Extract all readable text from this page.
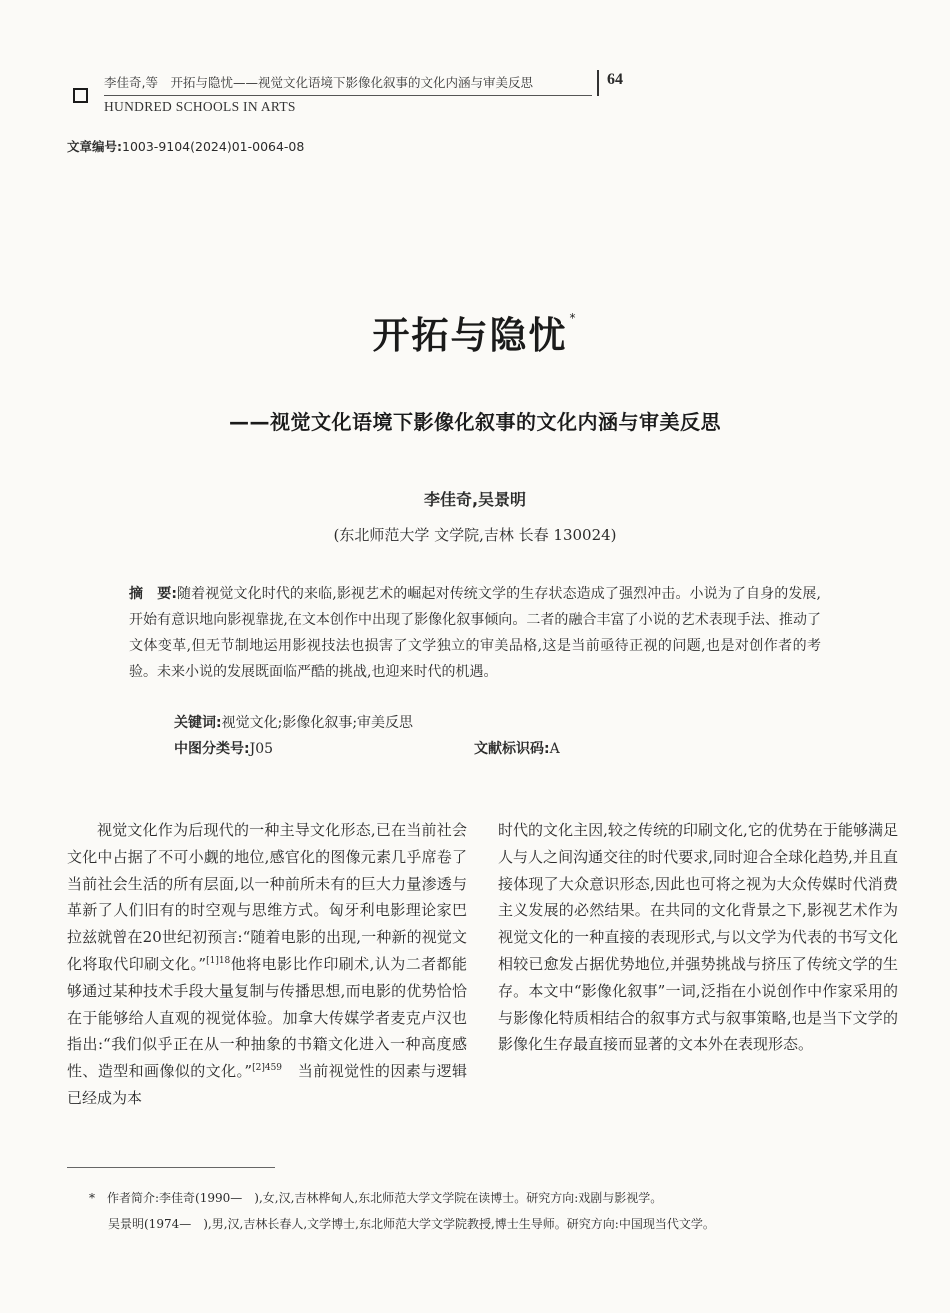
李佳奇,等　开拓与隐忧——视觉文化语境下影像化叙事的文化内涵与审美反思
HUNDRED SCHOOLS IN ARTS
64
文章编号:1003-9104(2024)01-0064-08
开拓与隐忧 *
——视觉文化语境下影像化叙事的文化内涵与审美反思
李佳奇,吴景明
(东北师范大学 文学院,吉林 长春 130024)
摘　要:随着视觉文化时代的来临,影视艺术的崛起对传统文学的生存状态造成了强烈冲击。小说为了自身的发展,开始有意识地向影视靠拢,在文本创作中出现了影像化叙事倾向。二者的融合丰富了小说的艺术表现手法、推动了文体变革,但无节制地运用影视技法也损害了文学独立的审美品格,这是当前亟待正视的问题,也是对创作者的考验。未来小说的发展既面临严酷的挑战,也迎来时代的机遇。
关键词:视觉文化;影像化叙事;审美反思
中图分类号:J05	文献标识码:A

视觉文化作为后现代的一种主导文化形态,已在当前社会文化中占据了不可小觑的地位,感官化的图像元素几乎席卷了当前社会生活的所有层面,以一种前所未有的巨大力量渗透与革新了人们旧有的时空观与思维方式。匈牙利电影理论家巴拉兹就曾在20世纪初预言:“随着电影的出现,一种新的视觉文化将取代印刷文化。”$^{[1]18}$他将电影比作印刷术,认为二者都能够通过某种技术手段大量复制与传播思想,而电影的优势恰恰在于能够给人直观的视觉体验。加拿大传媒学者麦克卢汉也指出:“我们似乎正在从一种抽象的书籍文化进入一种高度感性、造型和画像似的文化。”$^{[2]459}$　 当前视觉性的因素与逻辑已经成为本

时代的文化主因,较之传统的印刷文化,它的优势在于能够满足人与人之间沟通交往的时代要求,同时迎合全球化趋势,并且直接体现了大众意识形态,因此也可将之视为大众传媒时代消费主义发展的必然结果。在共同的文化背景之下,影视艺术作为视觉文化的一种直接的表现形式,与以文学为代表的书写文化相较已愈发占据优势地位,并强势挑战与挤压了传统文学的生存。本文中“影像化叙事”一词,泛指在小说创作中作家采用的与影像化特质相结合的叙事方式与叙事策略,也是当下文学的影像化生存最直接而显著的文本外在表现形态。

*　作者简介:李佳奇(1990—　),女,汉,吉林桦甸人,东北师范大学文学院在读博士。研究方向:戏剧与影视学。
吴景明(1974—　),男,汉,吉林长春人,文学博士,东北师范大学文学院教授,博士生导师。研究方向:中国现当代文学。
